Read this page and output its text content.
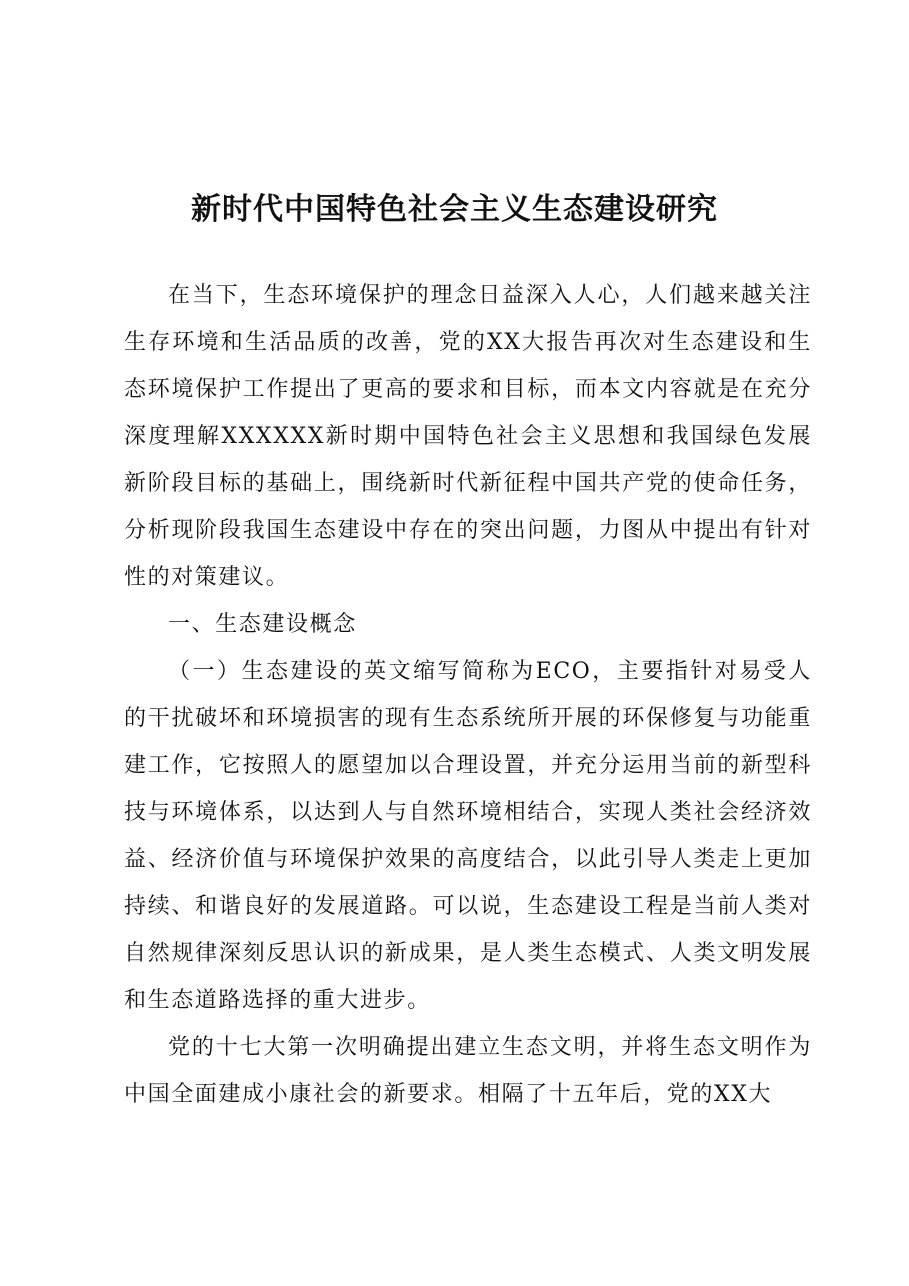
新时代中国特色社会主义生态建设研究

在当下，生态环境保护的理念日益深入人心，人们越来越关注生存环境和生活品质的改善，党的XX大报告再次对生态建设和生态环境保护工作提出了更高的要求和目标，而本文内容就是在充分深度理解XXXXXX新时期中国特色社会主义思想和我国绿色发展新阶段目标的基础上，围绕新时代新征程中国共产党的使命任务，分析现阶段我国生态建设中存在的突出问题，力图从中提出有针对性的对策建议。

一、生态建设概念

（一）生态建设的英文缩写简称为ECO，主要指针对易受人的干扰破坏和环境损害的现有生态系统所开展的环保修复与功能重建工作，它按照人的愿望加以合理设置，并充分运用当前的新型科技与环境体系，以达到人与自然环境相结合，实现人类社会经济效益、经济价值与环境保护效果的高度结合，以此引导人类走上更加持续、和谐良好的发展道路。可以说，生态建设工程是当前人类对自然规律深刻反思认识的新成果，是人类生态模式、人类文明发展和生态道路选择的重大进步。

党的十七大第一次明确提出建立生态文明，并将生态文明作为中国全面建成小康社会的新要求。相隔了十五年后，党的XX大
